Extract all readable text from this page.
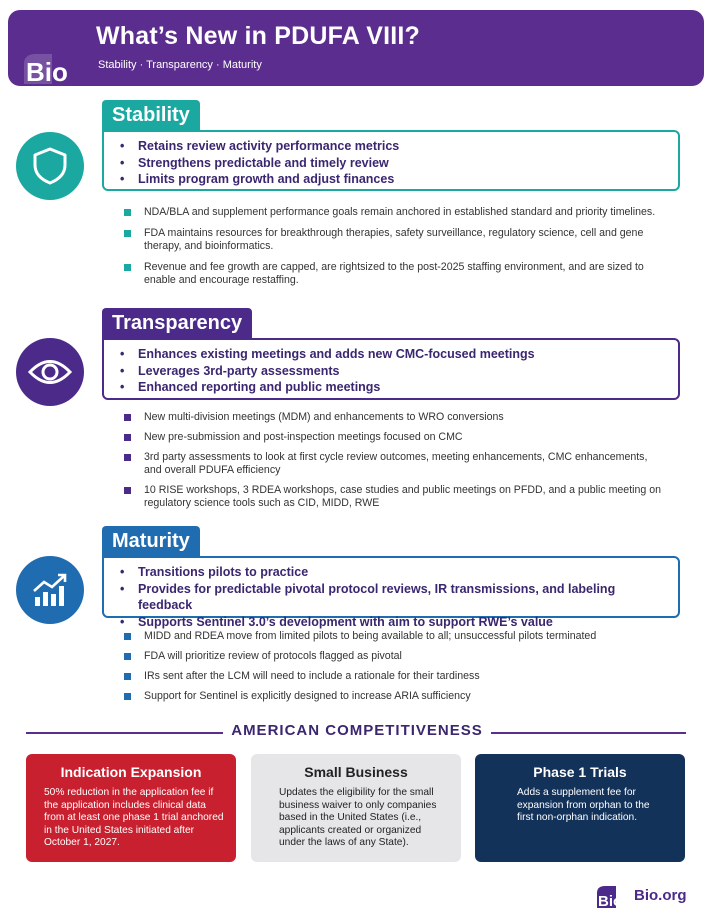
Bio
What’s New in PDUFA VIII?
Stability · Transparency · Maturity
Stability
• Retains review activity performance metrics
• Strengthens predictable and timely review
• Limits program growth and adjust finances
NDA/BLA and supplement performance goals remain anchored in established standard and priority timelines.
FDA maintains resources for breakthrough therapies, safety surveillance, regulatory science, cell and gene therapy, and bioinformatics.
Revenue and fee growth are capped, are rightsized to the post-2025 staffing environment, and are sized to enable and encourage restaffing.
Transparency
• Enhances existing meetings and adds new CMC-focused meetings
• Leverages 3rd-party assessments
• Enhanced reporting and public meetings
New multi-division meetings (MDM) and enhancements to WRO conversions
New pre-submission and post-inspection meetings focused on CMC
3rd party assessments to look at first cycle review outcomes, meeting enhancements, CMC enhancements, and overall PDUFA efficiency
10 RISE workshops, 3 RDEA workshops, case studies and public meetings on PFDD, and a public meeting on regulatory science tools such as CID, MIDD, RWE
Maturity
• Transitions pilots to practice
• Provides for predictable pivotal protocol reviews, IR transmissions, and labeling feedback
• Supports Sentinel 3.0’s development with aim to support RWE’s value
MIDD and RDEA move from limited pilots to being available to all; unsuccessful pilots terminated
FDA will prioritize review of protocols flagged as pivotal
IRs sent after the LCM will need to include a rationale for their tardiness
Support for Sentinel is explicitly designed to increase ARIA sufficiency
AMERICAN COMPETITIVENESS
Indication Expansion
50% reduction in the application fee if the application includes clinical data from at least one phase 1 trial anchored in the United States initiated after October 1, 2027.
Small Business
Updates the eligibility for the small business waiver to only companies based in the United States (i.e., applicants created or organized under the laws of any State).
Phase 1 Trials
Adds a supplement fee for expansion from orphan to the first non-orphan indication.
Bio Bio.org
